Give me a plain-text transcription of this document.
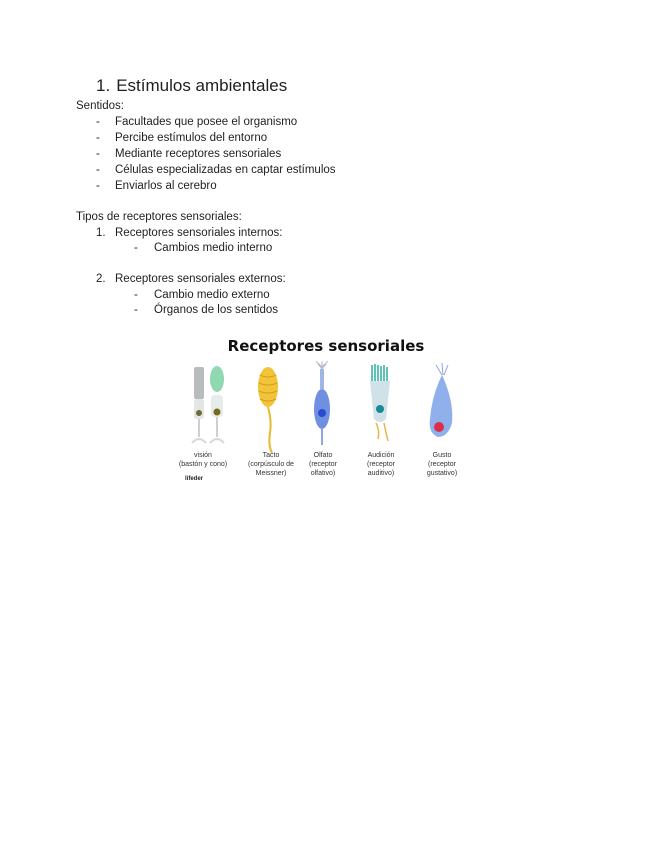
1. Estímulos ambientales
Sentidos:
- Facultades que posee el organismo
- Percibe estímulos del entorno
- Mediante receptores sensoriales
- Células especializadas en captar estímulos
- Enviarlos al cerebro
Tipos de receptores sensoriales:
1. Receptores sensoriales internos:
- Cambios medio interno
2. Receptores sensoriales externos:
- Cambio medio externo
- Órganos de los sentidos
Receptores sensoriales
visión
(bastón y cono)
Tacto
(corpúsculo de
Meissner)
Olfato
(receptor
olfativo)
Audición
(receptor
auditivo)
Gusto
(receptor
gustativo)
lifeder
